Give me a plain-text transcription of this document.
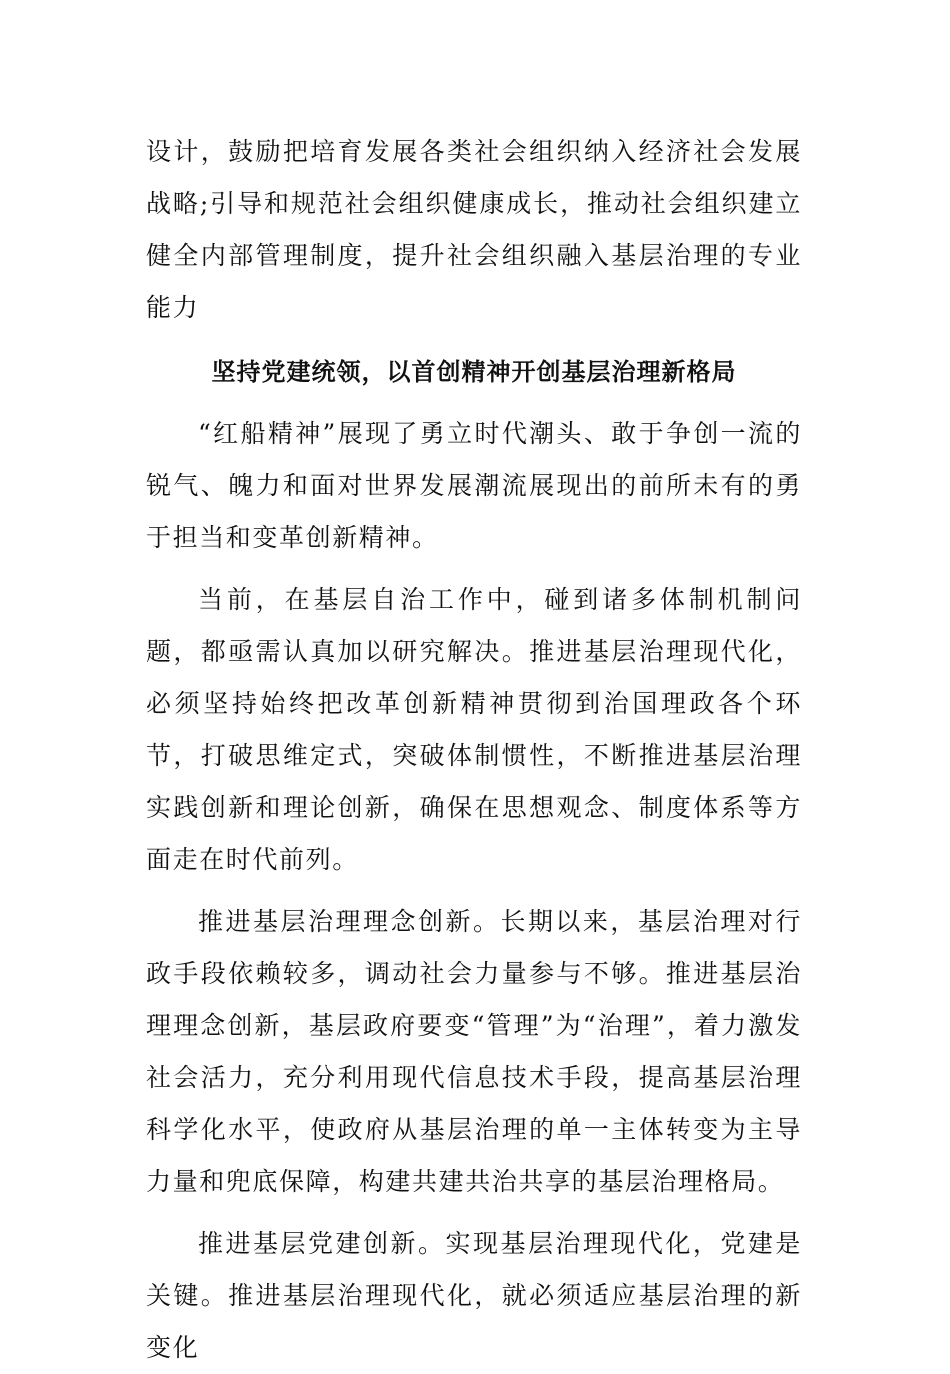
设计，鼓励把培育发展各类社会组织纳入经济社会发展战略;引导和规范社会组织健康成长，推动社会组织建立健全内部管理制度，提升社会组织融入基层治理的专业能力

坚持党建统领，以首创精神开创基层治理新格局

“红船精神”展现了勇立时代潮头、敢于争创一流的锐气、魄力和面对世界发展潮流展现出的前所未有的勇于担当和变革创新精神。

当前，在基层自治工作中，碰到诸多体制机制问题，都亟需认真加以研究解决。推进基层治理现代化，必须坚持始终把改革创新精神贯彻到治国理政各个环节，打破思维定式，突破体制惯性，不断推进基层治理实践创新和理论创新，确保在思想观念、制度体系等方面走在时代前列。

推进基层治理理念创新。长期以来，基层治理对行政手段依赖较多，调动社会力量参与不够。推进基层治理理念创新，基层政府要变“管理”为“治理”，着力激发社会活力，充分利用现代信息技术手段，提高基层治理科学化水平，使政府从基层治理的单一主体转变为主导力量和兜底保障，构建共建共治共享的基层治理格局。

推进基层党建创新。实现基层治理现代化，党建是关键。推进基层治理现代化，就必须适应基层治理的新变化
